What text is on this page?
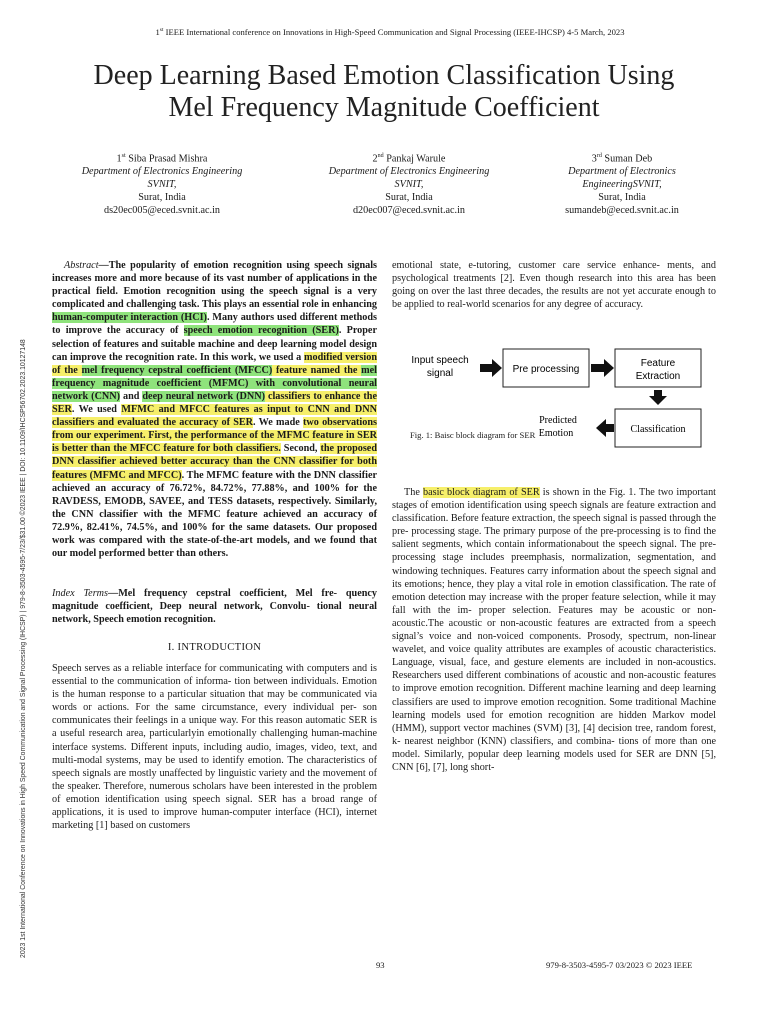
1st IEEE International conference on Innovations in High-Speed Communication and Signal Processing (IEEE-IHCSP) 4-5 March, 2023
2023 1st International Conference on Innovations in High Speed Communication and Signal Processing (IHCSP) | 979-8-3503-4595-7/23/$31.00 ©2023 IEEE | DOI: 10.1109/IHCSP56702.2023.10127148
Deep Learning Based Emotion Classification Using
Mel Frequency Magnitude Coefficient
1st Siba Prasad Mishra
Department of Electronics Engineering
SVNIT,
Surat, India
ds20ec005@eced.svnit.ac.in
2nd Pankaj Warule
Department of Electronics Engineering
SVNIT,
Surat, India
d20ec007@eced.svnit.ac.in
3rd Suman Deb
Department of Electronics
EngineeringSVNIT,
Surat, India
sumandeb@eced.svnit.ac.in

Abstract—The popularity of emotion recognition using speech signals increases more and more because of its vast number of applications in the practical field. Emotion recognition using the speech signal is a very complicated and challenging task. This plays an essential role in enhancing human-computer interaction (HCI). Many authors used different methods to improve the accuracy of speech emotion recognition (SER). Proper selection of features and suitable machine and deep learning model design can improve the recognition rate. In this work, we used a modified version of the mel frequency cepstral coefficient (MFCC) feature named the mel frequency magnitude coefficient (MFMC) with convolutional neural network (CNN) and deep neural network (DNN) classifiers to enhance the SER. We used MFMC and MFCC features as input to CNN and DNN classifiers and evaluated the accuracy of SER. We made two observations from our experiment. First, the performance of the MFMC feature in SER is better than the MFCC feature for both classifiers. Second, the proposed DNN classifier achieved better accuracy than the CNN classifier for both features (MFMC and MFCC). The MFMC feature with the DNN classifier achieved an accuracy of 76.72%, 84.72%, 77.88%, and 100% for the RAVDESS, EMODB, SAVEE, and TESS datasets, respectively. Similarly, the CNN classifier with the MFMC feature achieved an accuracy of 72.9%, 82.41%, 74.5%, and 100% for the same datasets. Our proposed work was compared with the state-of-the-art models, and we found that our model performed better than others.

Index Terms—Mel frequency cepstral coefficient, Mel fre- quency magnitude coefficient, Deep neural network, Convolu- tional neural network, Speech emotion recognition.

I. INTRODUCTION

Speech serves as a reliable interface for communicating with computers and is essential to the communication of informa- tion between individuals. Emotion is the human response to a particular situation that may be communicated via words or actions. For the same circumstance, every individual per- son communicates their feelings in a unique way. For this reason automatic SER is a useful research area, particularlyin emotionally challenging human-machine interface systems. Different inputs, including audio, images, video, text, and multi-modal systems, may be used to identify emotion. The characteristics of speech signals are mostly unaffected by linguistic variety and the movement of the speaker. Therefore, numerous scholars have been interested in the problem of emotion identification using speech signal. SER has a broad range of applications, it is used to improve human-computer interface (HCI), internet marketing [1] based on customers

emotional state, e-tutoring, customer care service enhance- ments, and psychological treatments [2]. Even though research into this area has been going on over the last three decades, the results are not yet accurate enough to be applied to real-world scenarios for any degree of accuracy.

Input speech
signal	Pre processing
Feature
Extraction
Predicted
Emotion	Classification
Fig. 1: Baisc block diagram for SER

The basic block diagram of SER is shown in the Fig. 1. The two important stages of emotion identification using speech signals are feature extraction and classification. Before feature extraction, the speech signal is passed through the pre- processing stage. The primary purpose of the pre-processing is to find the salient segments, which contain informationabout the speech signal. The pre-processing stage includes preemphasis, normalization, segmentation, and windowing techniques. Features carry information about the speech signal and its emotions; hence, they play a vital role in emotion classification. The rate of emotion detection may increase with the proper feature selection, while it may fall with the im- proper selection. Features may be acoustic or non-acoustic.The acoustic or non-acoustic features are extracted from a speech signal’s voice and non-voiced components. Prosody, spectrum, non-linear wavelet, and voice quality attributes are examples of acoustic characteristics. Language, visual, face, and gesture elements are included in non-acoustics. Researchers used different combinations of acoustic and non-acoustic features to improve emotion recognition. Different machine learning and deep learning classifiers are used to improve emotion recognition. Some traditional Machine learning models used for emotion recognition are hidden Markov model (HMM), support vector machines (SVM) [3], [4] decision tree, random forest, k- nearest neighbor (KNN) classifiers, and combina- tions of more than one model. Similarly, popular deep learning models used for SER are DNN [5], CNN [6], [7], long short-

93	979-8-3503-4595-7 03/2023 © 2023 IEEE
